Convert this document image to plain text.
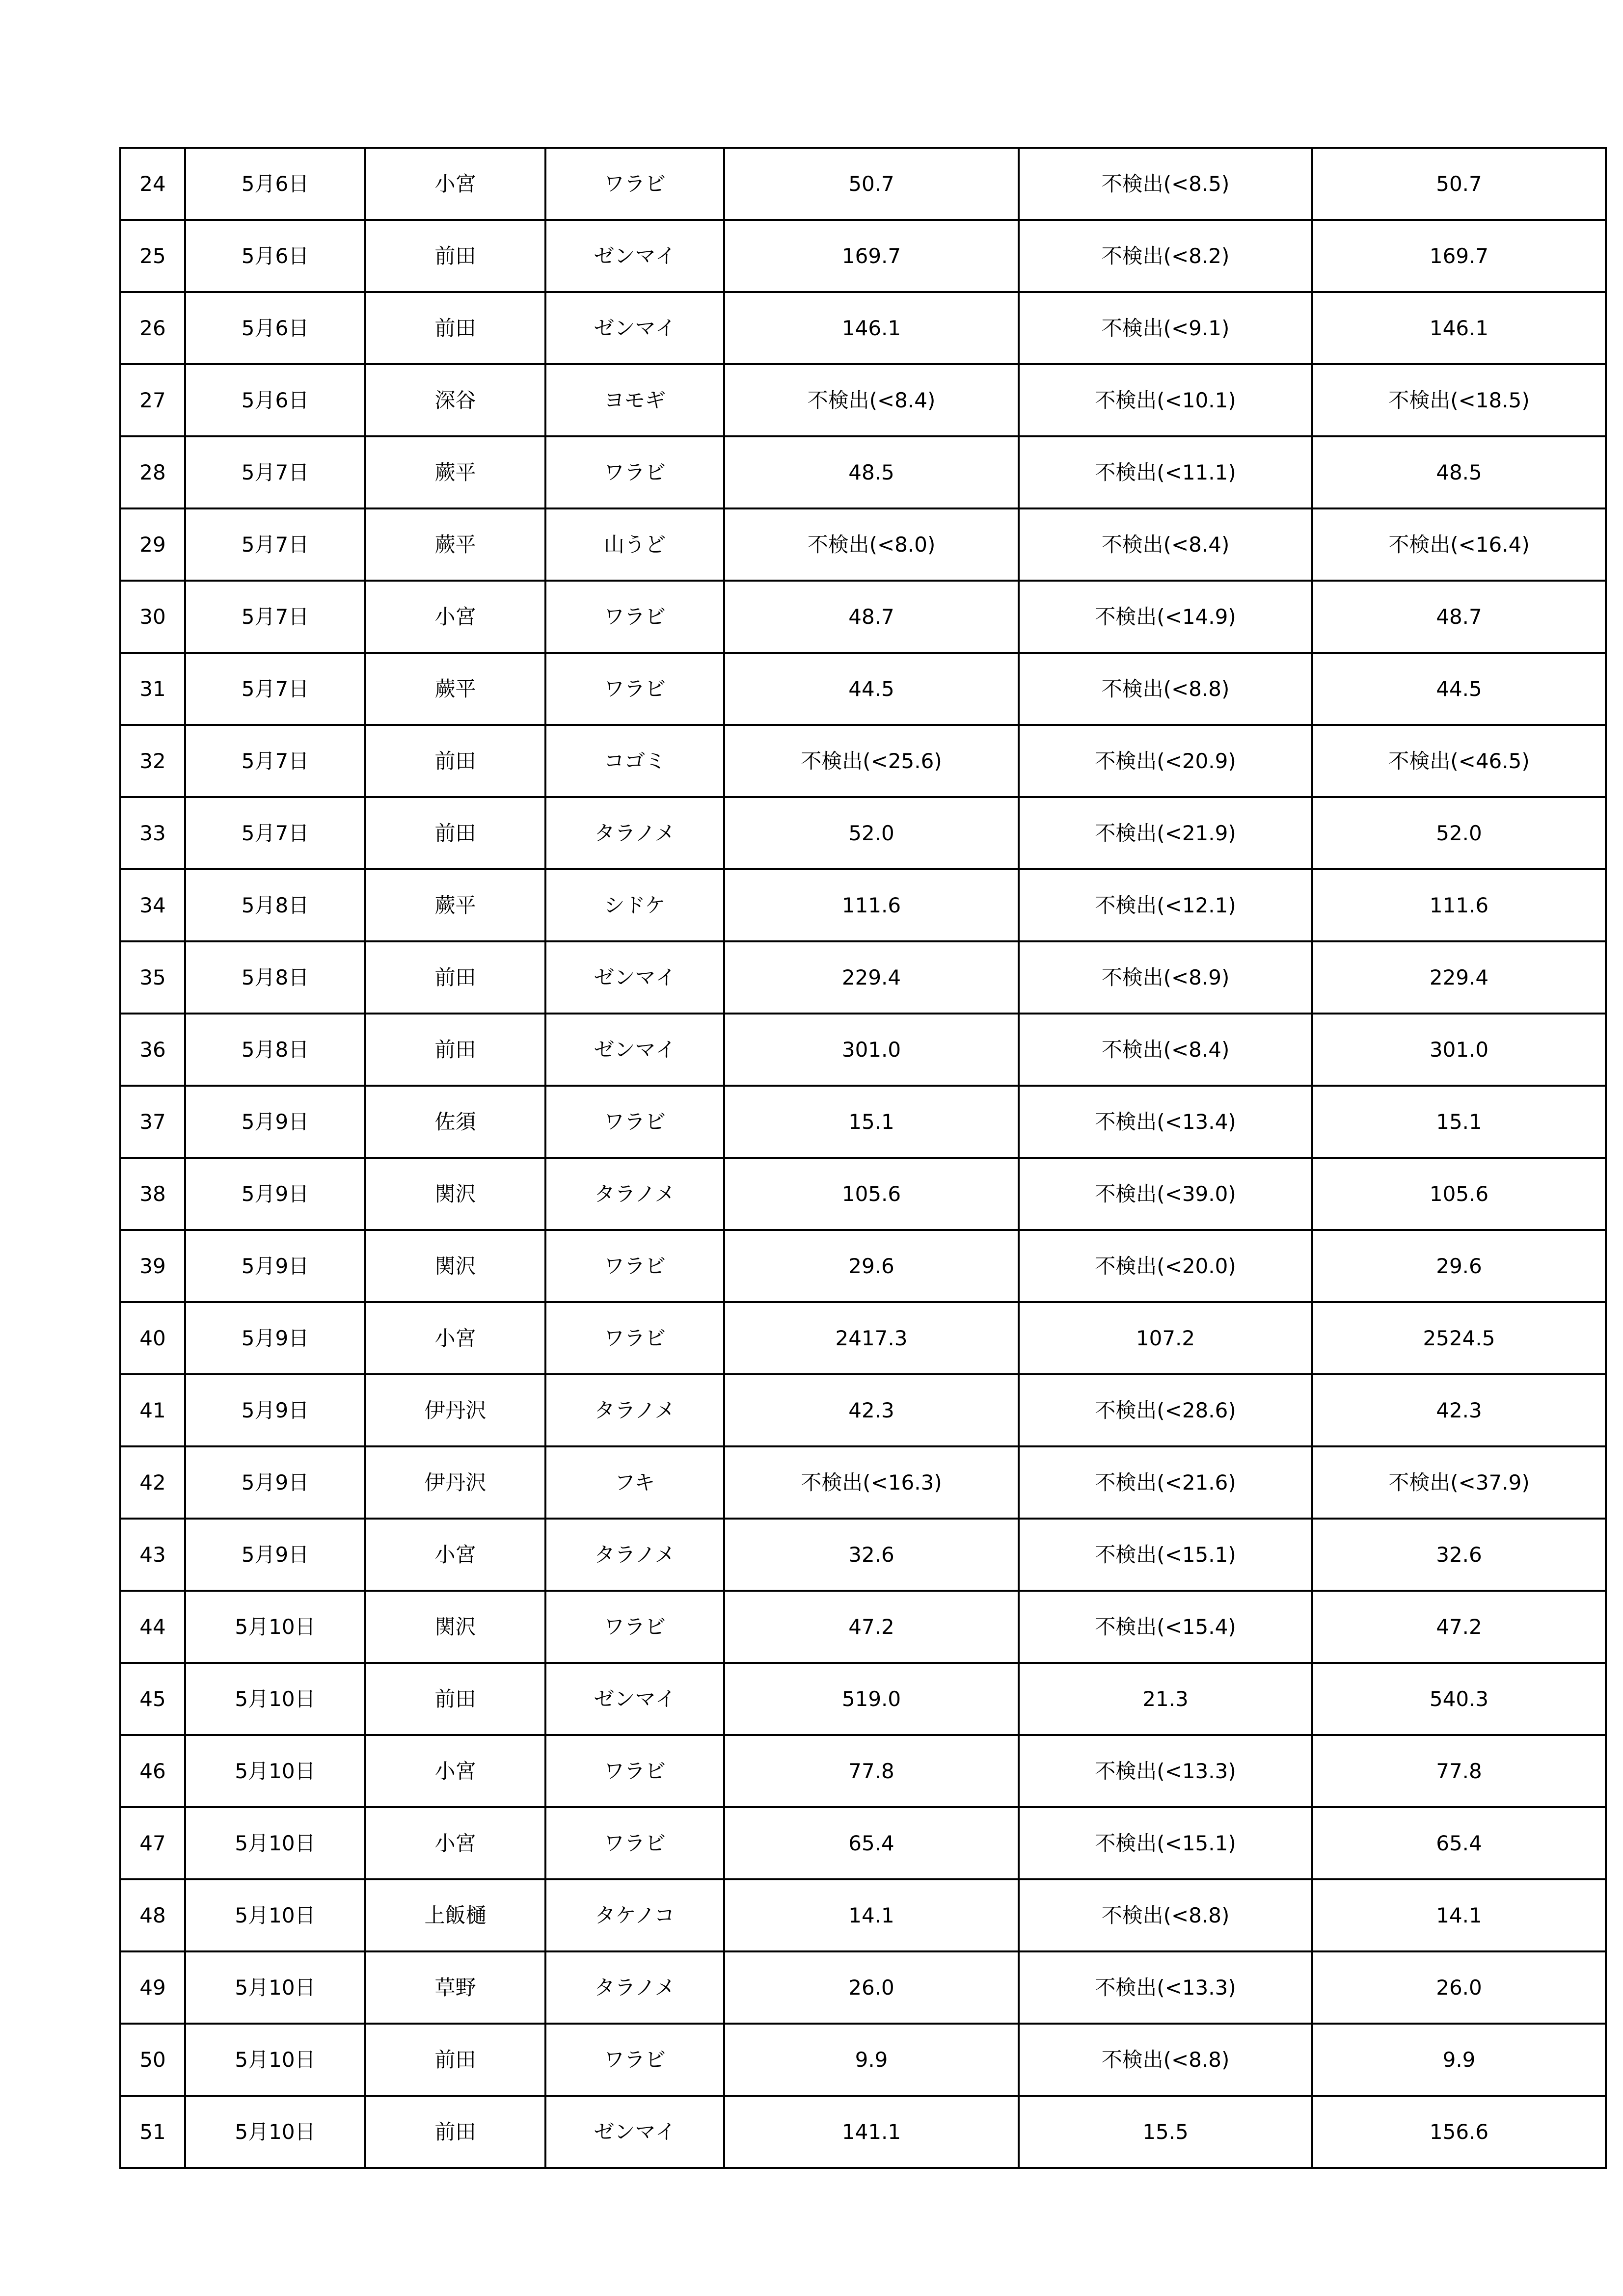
24	5月6日	小宮	ワラビ	50.7	不検出(<8.5)	50.7
25	5月6日	前田	ゼンマイ	169.7	不検出(<8.2)	169.7
26	5月6日	前田	ゼンマイ	146.1	不検出(<9.1)	146.1
27	5月6日	深谷	ヨモギ	不検出(<8.4)	不検出(<10.1)	不検出(<18.5)
28	5月7日	蕨平	ワラビ	48.5	不検出(<11.1)	48.5
29	5月7日	蕨平	山うど	不検出(<8.0)	不検出(<8.4)	不検出(<16.4)
30	5月7日	小宮	ワラビ	48.7	不検出(<14.9)	48.7
31	5月7日	蕨平	ワラビ	44.5	不検出(<8.8)	44.5
32	5月7日	前田	コゴミ	不検出(<25.6)	不検出(<20.9)	不検出(<46.5)
33	5月7日	前田	タラノメ	52.0	不検出(<21.9)	52.0
34	5月8日	蕨平	シドケ	111.6	不検出(<12.1)	111.6
35	5月8日	前田	ゼンマイ	229.4	不検出(<8.9)	229.4
36	5月8日	前田	ゼンマイ	301.0	不検出(<8.4)	301.0
37	5月9日	佐須	ワラビ	15.1	不検出(<13.4)	15.1
38	5月9日	関沢	タラノメ	105.6	不検出(<39.0)	105.6
39	5月9日	関沢	ワラビ	29.6	不検出(<20.0)	29.6
40	5月9日	小宮	ワラビ	2417.3	107.2	2524.5
41	5月9日	伊丹沢	タラノメ	42.3	不検出(<28.6)	42.3
42	5月9日	伊丹沢	フキ	不検出(<16.3)	不検出(<21.6)	不検出(<37.9)
43	5月9日	小宮	タラノメ	32.6	不検出(<15.1)	32.6
44	5月10日	関沢	ワラビ	47.2	不検出(<15.4)	47.2
45	5月10日	前田	ゼンマイ	519.0	21.3	540.3
46	5月10日	小宮	ワラビ	77.8	不検出(<13.3)	77.8
47	5月10日	小宮	ワラビ	65.4	不検出(<15.1)	65.4
48	5月10日	上飯樋	タケノコ	14.1	不検出(<8.8)	14.1
49	5月10日	草野	タラノメ	26.0	不検出(<13.3)	26.0
50	5月10日	前田	ワラビ	9.9	不検出(<8.8)	9.9
51	5月10日	前田	ゼンマイ	141.1	15.5	156.6
